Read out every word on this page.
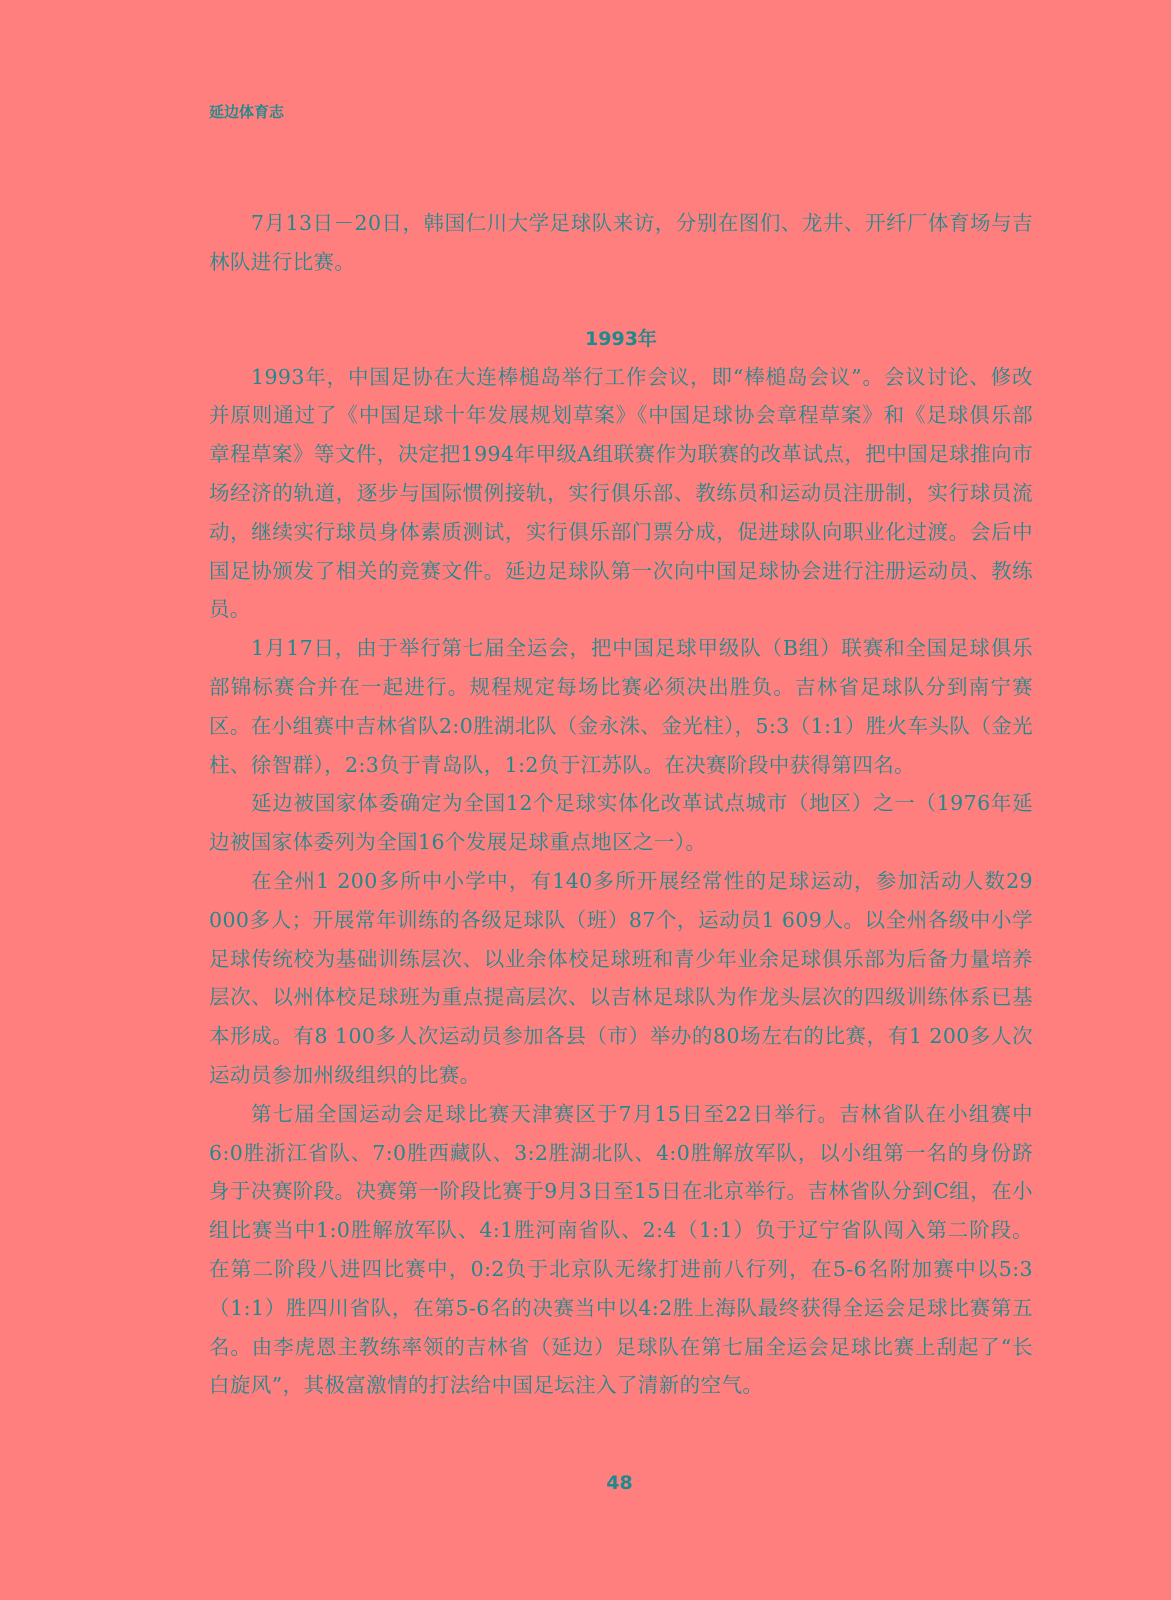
延边体育志

7月13日－20日，韩国仁川大学足球队来访，分别在图们、龙井、开纤厂体育场与吉林队进行比赛。

1993年

1993年，中国足协在大连棒槌岛举行工作会议，即“棒槌岛会议”。会议讨论、修改并原则通过了《中国足球十年发展规划草案》《中国足球协会章程草案》和《足球俱乐部章程草案》等文件，决定把1994年甲级A组联赛作为联赛的改革试点，把中国足球推向市场经济的轨道，逐步与国际惯例接轨，实行俱乐部、教练员和运动员注册制，实行球员流动，继续实行球员身体素质测试，实行俱乐部门票分成，促进球队向职业化过渡。会后中国足协颁发了相关的竞赛文件。延边足球队第一次向中国足球协会进行注册运动员、教练员。

1月17日，由于举行第七届全运会，把中国足球甲级队（B组）联赛和全国足球俱乐部锦标赛合并在一起进行。规程规定每场比赛必须决出胜负。吉林省足球队分到南宁赛区。在小组赛中吉林省队2:0胜湖北队（金永洙、金光柱），5:3（1:1）胜火车头队（金光柱、徐智群），2:3负于青岛队，1:2负于江苏队。在决赛阶段中获得第四名。

延边被国家体委确定为全国12个足球实体化改革试点城市（地区）之一（1976年延边被国家体委列为全国16个发展足球重点地区之一）。

在全州1 200多所中小学中，有140多所开展经常性的足球运动，参加活动人数29 000多人；开展常年训练的各级足球队（班）87个，运动员1 609人。以全州各级中小学足球传统校为基础训练层次、以业余体校足球班和青少年业余足球俱乐部为后备力量培养层次、以州体校足球班为重点提高层次、以吉林足球队为作龙头层次的四级训练体系已基本形成。有8 100多人次运动员参加各县（市）举办的80场左右的比赛，有1 200多人次运动员参加州级组织的比赛。

第七届全国运动会足球比赛天津赛区于7月15日至22日举行。吉林省队在小组赛中6:0胜浙江省队、7:0胜西藏队、3:2胜湖北队、4:0胜解放军队，以小组第一名的身份跻身于决赛阶段。决赛第一阶段比赛于9月3日至15日在北京举行。吉林省队分到C组，在小组比赛当中1:0胜解放军队、4:1胜河南省队、2:4（1:1）负于辽宁省队闯入第二阶段。在第二阶段八进四比赛中，0:2负于北京队无缘打进前八行列，在5-6名附加赛中以5:3（1:1）胜四川省队，在第5-6名的决赛当中以4:2胜上海队最终获得全运会足球比赛第五名。由李虎恩主教练率领的吉林省（延边）足球队在第七届全运会足球比赛上刮起了“长白旋风”，其极富激情的打法给中国足坛注入了清新的空气。

48
